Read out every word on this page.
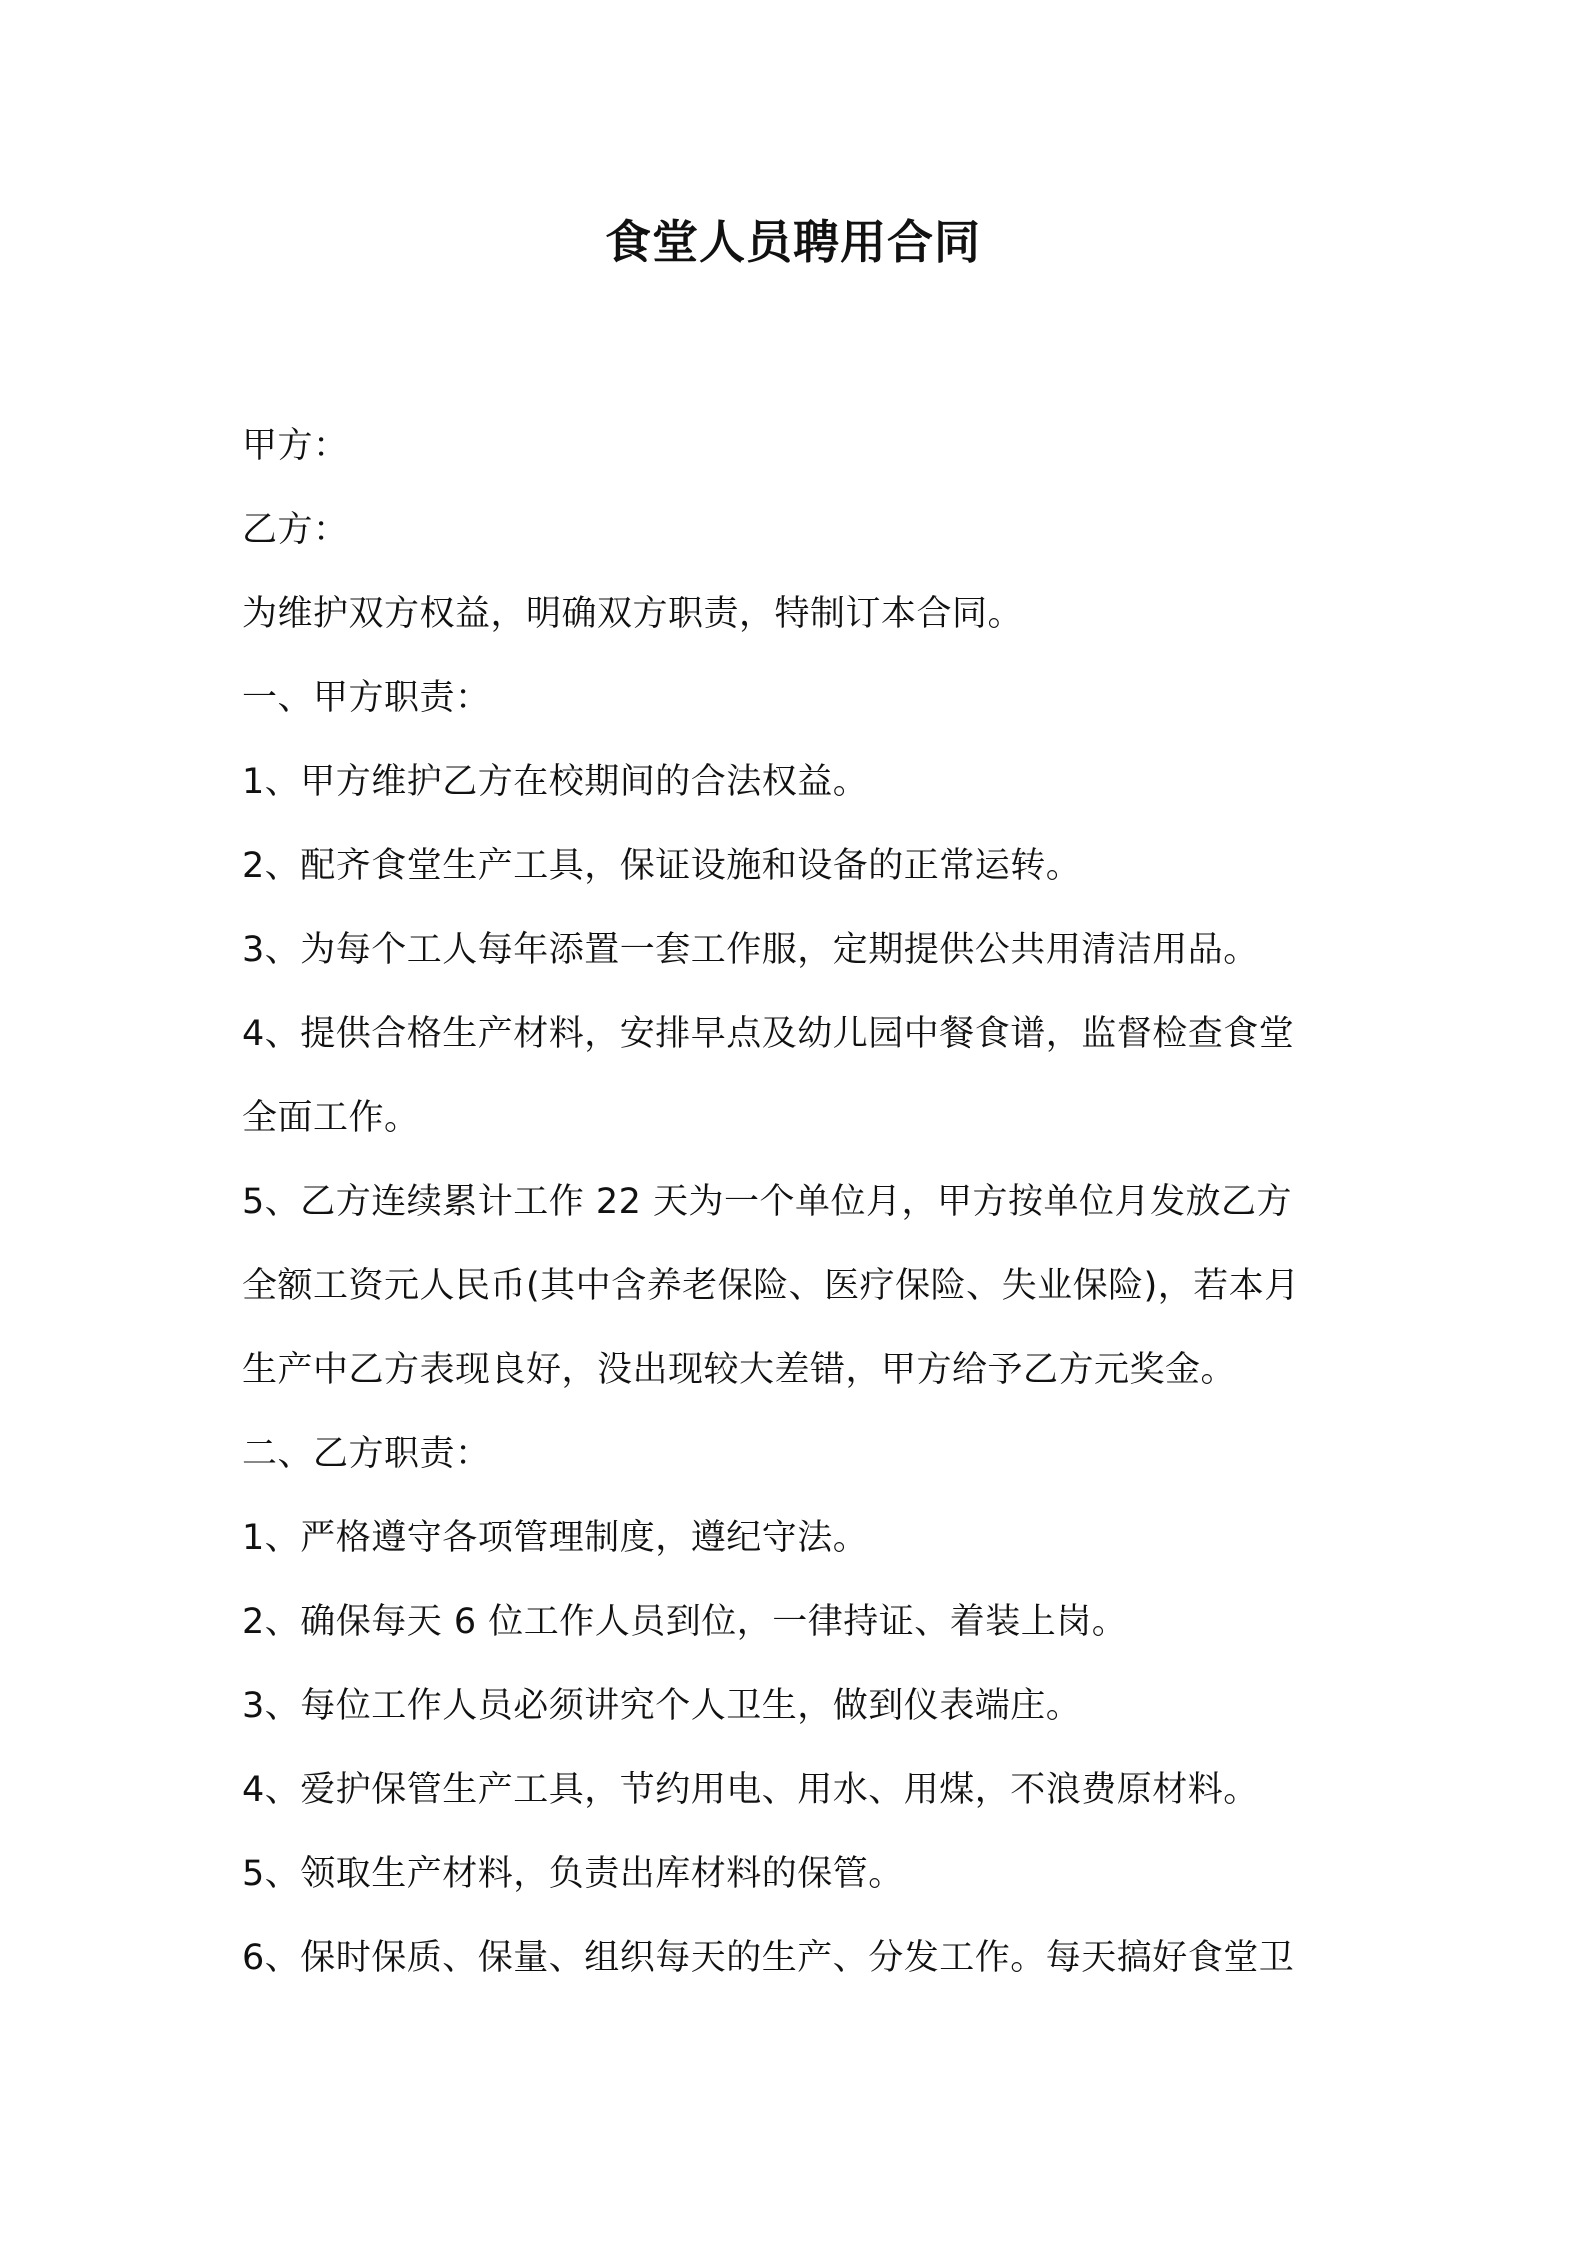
食堂人员聘用合同
甲方：
乙方：
为维护双方权益，明确双方职责，特制订本合同。
一、甲方职责：
1、甲方维护乙方在校期间的合法权益。
2、配齐食堂生产工具，保证设施和设备的正常运转。
3、为每个工人每年添置一套工作服，定期提供公共用清洁用品。
4、提供合格生产材料，安排早点及幼儿园中餐食谱，监督检查食堂
全面工作。
5、乙方连续累计工作 22 天为一个单位月，甲方按单位月发放乙方
全额工资元人民币(其中含养老保险、医疗保险、失业保险)，若本月
生产中乙方表现良好，没出现较大差错，甲方给予乙方元奖金。
二、乙方职责：
1、严格遵守各项管理制度，遵纪守法。
2、确保每天 6 位工作人员到位，一律持证、着装上岗。
3、每位工作人员必须讲究个人卫生，做到仪表端庄。
4、爱护保管生产工具，节约用电、用水、用煤，不浪费原材料。
5、领取生产材料，负责出库材料的保管。
6、保时保质、保量、组织每天的生产、分发工作。每天搞好食堂卫
